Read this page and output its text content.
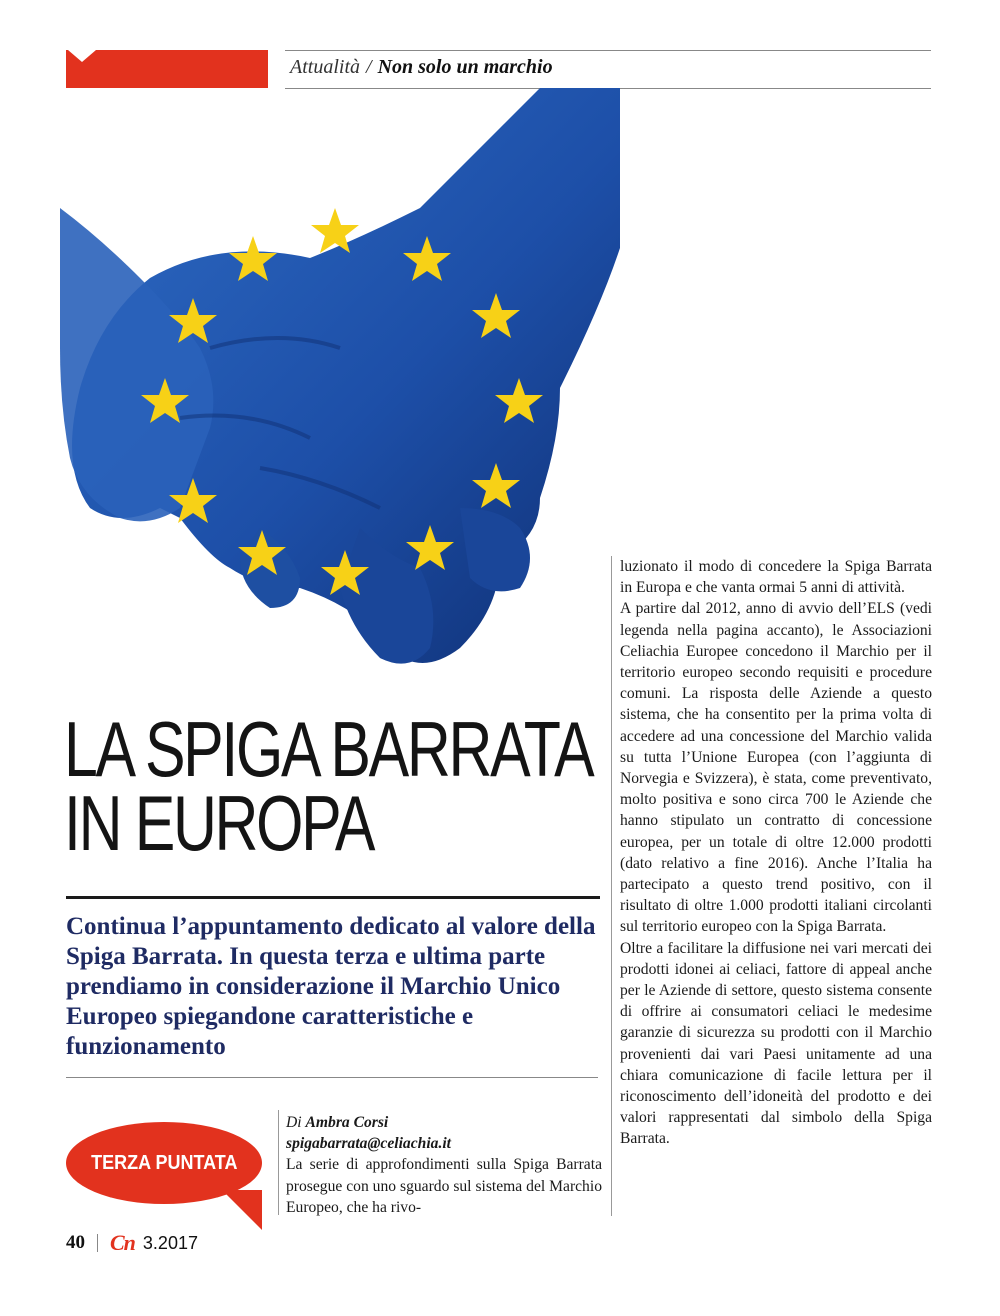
Attualità / Non solo un marchio
LA SPIGA BARRATA
IN EUROPA
Continua l’appuntamento dedicato al valore della Spiga Barrata. In questa terza e ultima parte prendiamo in considerazione il Marchio Unico Europeo spiegandone caratteristiche e funzionamento
TERZA PUNTATA
Di Ambra Corsi
spigabarrata@celiachia.it
La serie di approfondimenti sulla Spiga Barrata prosegue con uno sguardo sul sistema del Marchio Europeo, che ha rivo-

luzionato il modo di concedere la Spiga Barrata in Europa e che vanta ormai 5 anni di attività.

A partire dal 2012, anno di avvio dell’ELS (vedi legenda nella pagina accanto), le Associazioni Celiachia Europee concedono il Marchio per il territorio europeo secondo requisiti e procedure comuni. La risposta delle Aziende a questo sistema, che ha consentito per la prima volta di accedere ad una concessione del Marchio valida su tutta l’Unione Europea (con l’aggiunta di Norvegia e Svizzera), è stata, come preventivato, molto positiva e sono circa 700 le Aziende che hanno stipulato un contratto di concessione europea, per un totale di oltre 12.000 prodotti (dato relativo a fine 2016). Anche l’Italia ha partecipato a questo trend positivo, con il risultato di oltre 1.000 prodotti italiani circolanti sul territorio europeo con la Spiga Barrata.

Oltre a facilitare la diffusione nei vari mercati dei prodotti idonei ai celiaci, fattore di appeal anche per le Aziende di settore, questo sistema consente di offrire ai consumatori celiaci le medesime garanzie di sicurezza su prodotti con il Marchio provenienti dai vari Paesi unitamente ad una chiara comunicazione di facile lettura per il riconoscimento dell’idoneità del prodotto e dei valori rappresentati dal simbolo della Spiga Barrata.

40 Cn 3.2017
